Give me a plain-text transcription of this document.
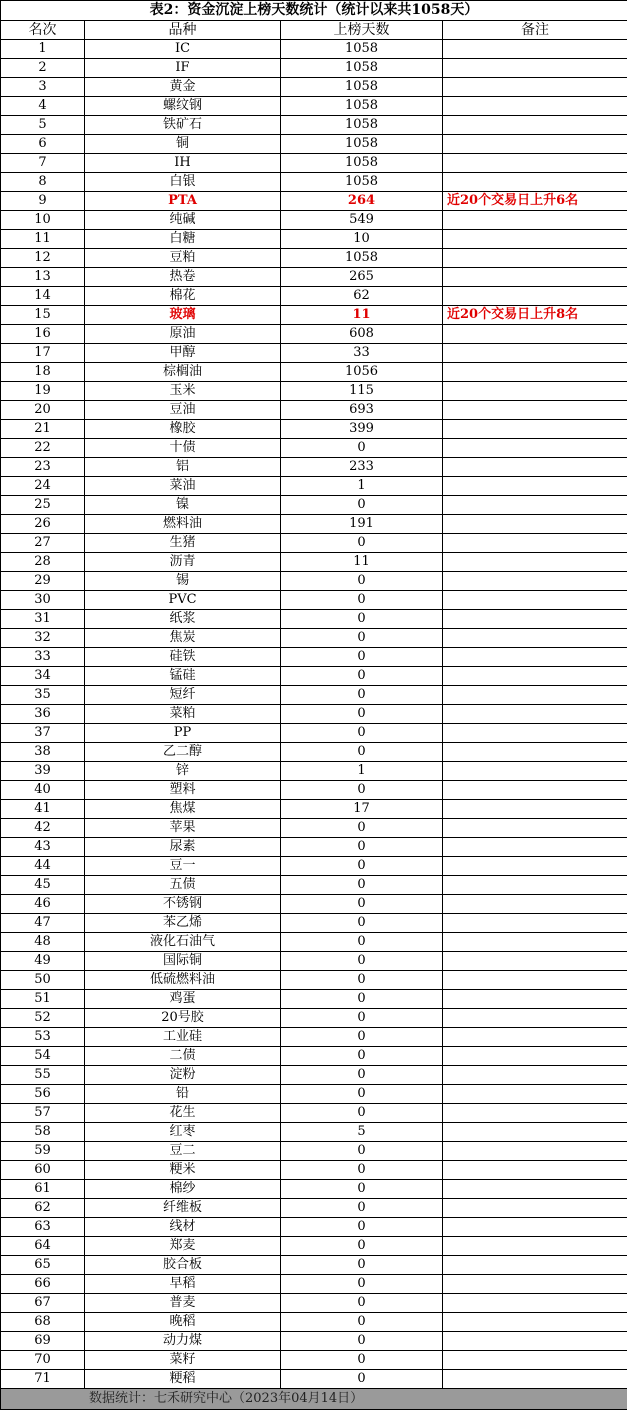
表2：资金沉淀上榜天数统计（统计以来共1058天）			
名次	品种	上榜天数	备注
1	IC	1058	
2	IF	1058	
3	黄金	1058	
4	螺纹钢	1058	
5	铁矿石	1058	
6	铜	1058	
7	IH	1058	
8	白银	1058	
9	PTA	264	近20个交易日上升6名
10	纯碱	549	
11	白糖	10	
12	豆粕	1058	
13	热卷	265	
14	棉花	62	
15	玻璃	11	近20个交易日上升8名
16	原油	608	
17	甲醇	33	
18	棕榈油	1056	
19	玉米	115	
20	豆油	693	
21	橡胶	399	
22	十债	0	
23	铝	233	
24	菜油	1	
25	镍	0	
26	燃料油	191	
27	生猪	0	
28	沥青	11	
29	锡	0	
30	PVC	0	
31	纸浆	0	
32	焦炭	0	
33	硅铁	0	
34	锰硅	0	
35	短纤	0	
36	菜粕	0	
37	PP	0	
38	乙二醇	0	
39	锌	1	
40	塑料	0	
41	焦煤	17	
42	苹果	0	
43	尿素	0	
44	豆一	0	
45	五债	0	
46	不锈钢	0	
47	苯乙烯	0	
48	液化石油气	0	
49	国际铜	0	
50	低硫燃料油	0	
51	鸡蛋	0	
52	20号胶	0	
53	工业硅	0	
54	二债	0	
55	淀粉	0	
56	铅	0	
57	花生	0	
58	红枣	5	
59	豆二	0	
60	粳米	0	
61	棉纱	0	
62	纤维板	0	
63	线材	0	
64	郑麦	0	
65	胶合板	0	
66	早稻	0	
67	普麦	0	
68	晚稻	0	
69	动力煤	0	
70	菜籽	0	
71	粳稻	0	
数据统计：七禾研究中心（2023年04月14日）			
